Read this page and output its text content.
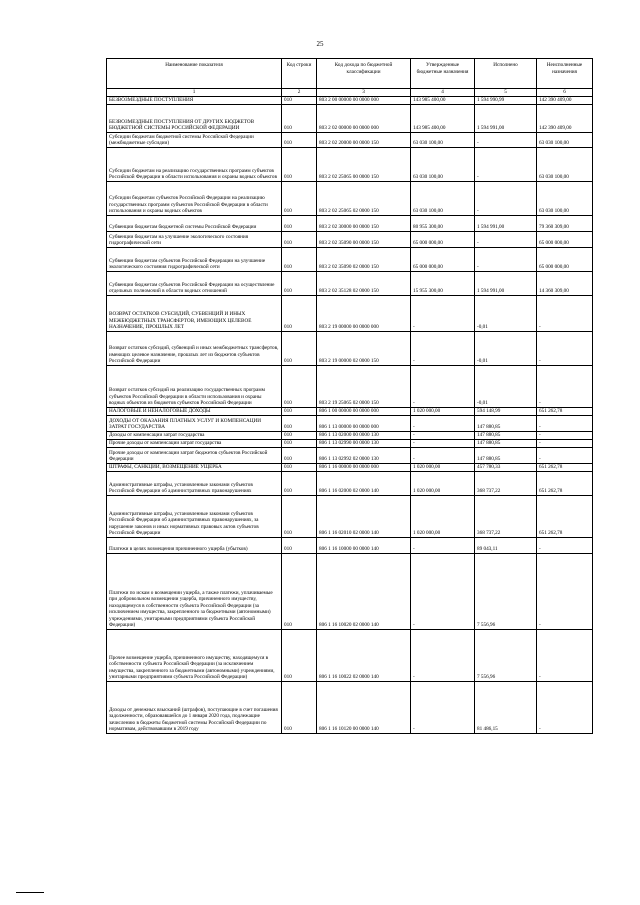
25
Наименование показателя	Код строки	Код дохода по бюджетной классификации	Утвержденные бюджетные назначения	Исполнено	Неисполненные назначения
1	2	3	4	5	6
БЕЗВОЗМЕЗДНЫЕ ПОСТУПЛЕНИЯ	010	803 2 00 00000 00 0000 000	143 985 400,00	1 594 990,99	142 390 409,00
БЕЗВОЗМЕЗДНЫЕ ПОСТУПЛЕНИЯ ОТ ДРУГИХ БЮДЖЕТОВ БЮДЖЕТНОЙ СИСТЕМЫ РОССИЙСКОЙ ФЕДЕРАЦИИ	010	803 2 02 00000 00 0000 000	143 985 400,00	1 594 991,00	142 390 409,00
Субсидии бюджетам бюджетной системы Российской Федерации (межбюджетные субсидии)	010	803 2 02 20000 00 0000 150	63 030 100,00	-	63 030 100,00
Субсидии бюджетам на реализацию государственных программ субъектов Российской Федерации в области использования и охраны водных объектов	010	803 2 02 25065 00 0000 150	63 030 100,00	-	63 030 100,00
Субсидии бюджетам субъектов Российской Федерации на реализацию государственных программ субъектов Российской Федерации в области использования и охраны водных объектов	010	803 2 02 25065 02 0000 150	63 030 100,00	-	63 030 100,00
Субвенции бюджетам бюджетной системы Российской Федерации	010	803 2 02 30000 00 0000 150	80 955 300,00	1 594 991,00	79 360 309,00
Субвенции бюджетам на улучшение экологического состояния гидрографической сети	010	803 2 02 35090 00 0000 150	65 000 000,00	-	65 000 000,00
Субвенции бюджетам субъектов Российской Федерации на улучшение экологического состояния гидрографической сети	010	803 2 02 35090 02 0000 150	65 000 000,00	-	65 000 000,00
Субвенции бюджетам субъектов Российской Федерации на осуществление отдельных полномочий в области водных отношений	010	803 2 02 35128 02 0000 150	15 955 300,00	1 594 991,00	14 360 309,00
ВОЗВРАТ ОСТАТКОВ СУБСИДИЙ, СУБВЕНЦИЙ И ИНЫХ МЕЖБЮДЖЕТНЫХ ТРАНСФЕРТОВ, ИМЕЮЩИХ ЦЕЛЕВОЕ НАЗНАЧЕНИЕ, ПРОШЛЫХ ЛЕТ	010	803 2 19 00000 00 0000 000	-	-0,01	-
Возврат остатков субсидий, субвенций и иных межбюджетных трансфертов, имеющих целевое назначение, прошлых лет из бюджетов субъектов Российской Федерации	010	803 2 19 00000 02 0000 150	-	-0,01	-
Возврат остатков субсидий на реализацию государственных программ субъектов Российской Федерации в области использования и охраны водных объектов из бюджетов субъектов Российской Федерации	010	803 2 19 25065 02 0000 150	-	-0,01	-
НАЛОГОВЫЕ И НЕНАЛОГОВЫЕ ДОХОДЫ	010	806 1 00 00000 00 0000 000	1 020 000,00	594 148,99	651 262,78
ДОХОДЫ ОТ ОКАЗАНИЯ ПЛАТНЫХ УСЛУГ И КОМПЕНСАЦИИ ЗАТРАТ ГОСУДАРСТВА	010	806 1 13 00000 00 0000 000	-	147 880,85	-
Доходы от компенсации затрат государства	010	806 1 13 02000 00 0000 130	-	147 880,85	-
Прочие доходы от компенсации затрат государства	010	806 1 13 02990 00 0000 130	-	147 880,85	-
Прочие доходы от компенсации затрат бюджетов субъектов Российской Федерации	010	806 1 13 02992 02 0000 130	-	147 880,85	-
ШТРАФЫ, САНКЦИИ, ВОЗМЕЩЕНИЕ УЩЕРБА	010	806 1 16 00000 00 0000 000	1 020 000,00	457 780,33	651 262,78
Административные штрафы, установленные законами субъектов Российской Федерации об административных правонарушениях	010	806 1 16 02000 02 0000 140	1 020 000,00	368 737,22	651 262,78
Административные штрафы, установленные законами субъектов Российской Федерации об административных правонарушениях, за нарушение законов и иных нормативных правовых актов субъектов Российской Федерации	010	806 1 16 02010 02 0000 140	1 020 000,00	368 737,22	651 262,78
Платежи в целях возмещения причиненного ущерба (убытков)	010	806 1 16 10000 00 0000 140	-	89 043,11	-
Платежи по искам о возмещении ущерба, а также платежи, уплачиваемые при добровольном возмещении ущерба, причиненного имуществу, находящемуся в собственности субъекта Российской Федерации (за исключением имущества, закрепленного за бюджетными (автономными) учреждениями, унитарными предприятиями субъекта Российской Федерации)	010	806 1 16 10020 02 0000 140	-	7 556,96	-
Прочее возмещение ущерба, причиненного имуществу, находящемуся в собственности субъекта Российской Федерации (за исключением имущества, закрепленного за бюджетными (автономными) учреждениями, унитарными предприятиями субъекта Российской Федерации)	010	806 1 16 10022 02 0000 140	-	7 556,96	-
Доходы от денежных взысканий (штрафов), поступающие в счет погашения задолженности, образовавшейся до 1 января 2020 года, подлежащие зачислению в бюджеты бюджетной системы Российской Федерации по нормативам, действовавшим в 2019 году	010	806 1 16 10120 00 0000 140	-	81 486,15	-
